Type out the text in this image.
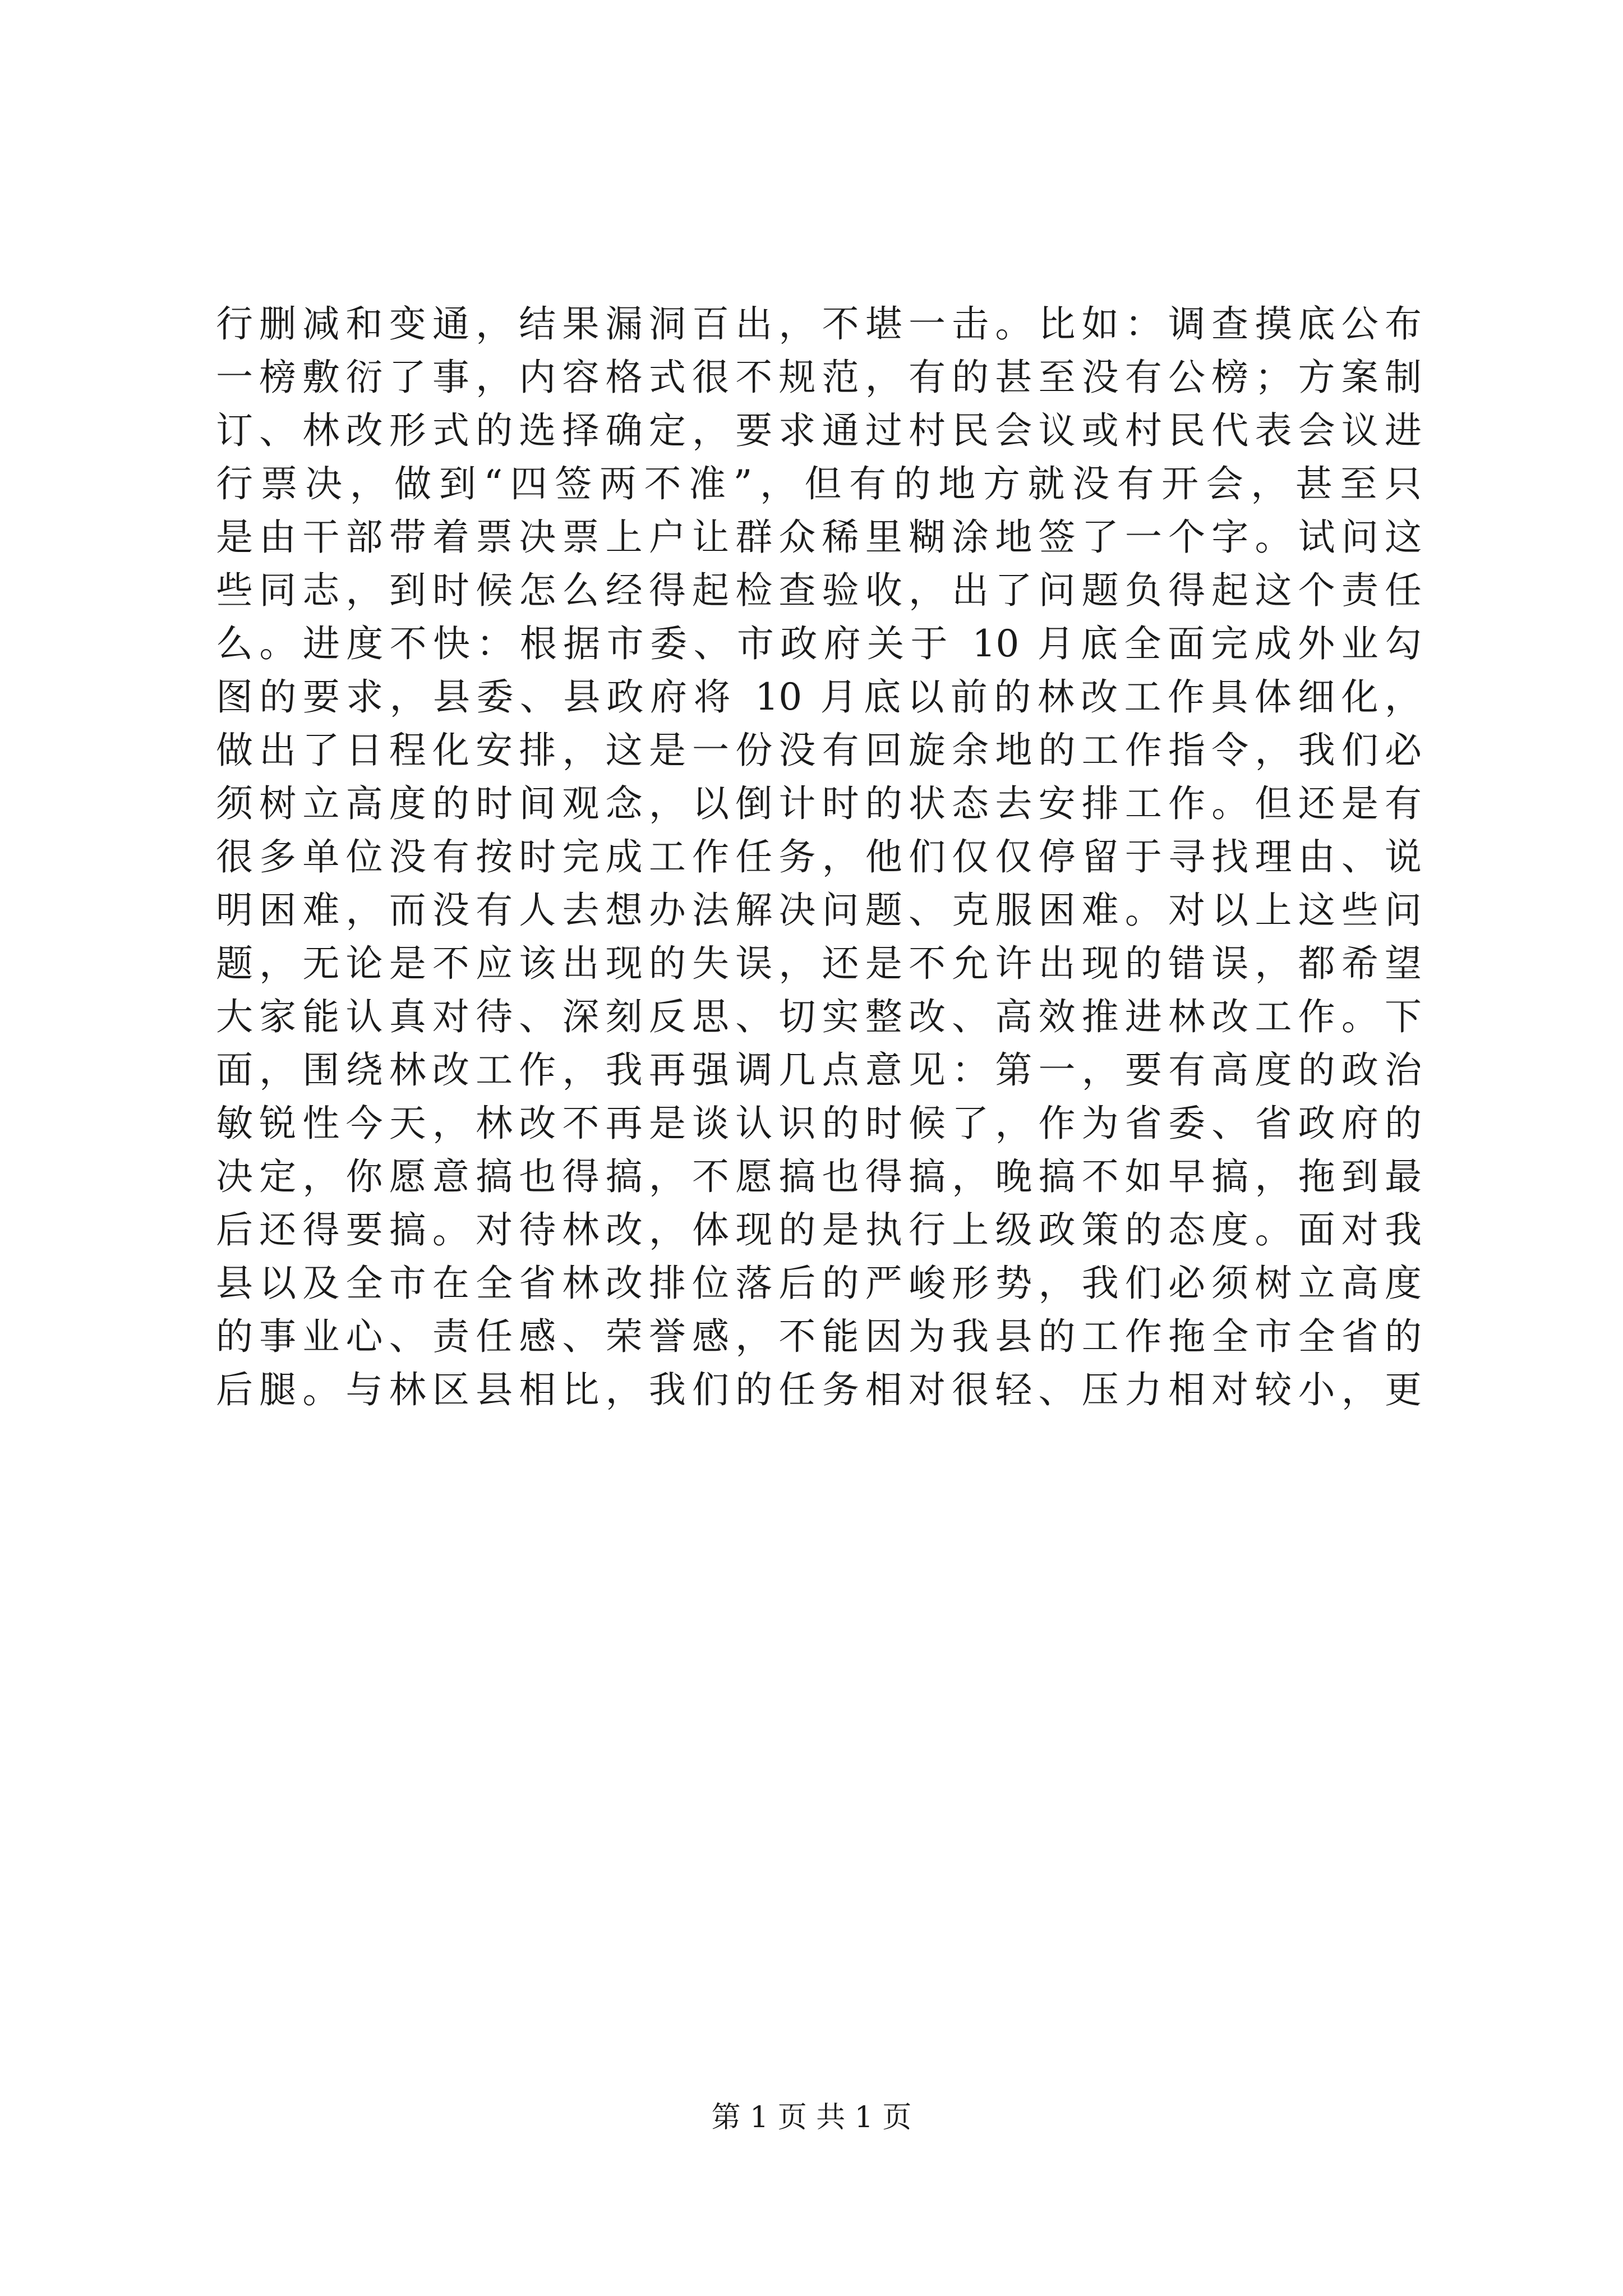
行删减和变通，结果漏洞百出，不堪一击。比如：调查摸底公布
一榜敷衍了事，内容格式很不规范，有的甚至没有公榜；方案制
订、林改形式的选择确定，要求通过村民会议或村民代表会议进
行票决，做到“四签两不准”，但有的地方就没有开会，甚至只
是由干部带着票决票上户让群众稀里糊涂地签了一个字。试问这
些同志，到时候怎么经得起检查验收，出了问题负得起这个责任
么。进度不快：根据市委、市政府关于 10 月底全面完成外业勾
图的要求，县委、县政府将 10 月底以前的林改工作具体细化，
做出了日程化安排，这是一份没有回旋余地的工作指令，我们必
须树立高度的时间观念，以倒计时的状态去安排工作。但还是有
很多单位没有按时完成工作任务，他们仅仅停留于寻找理由、说
明困难，而没有人去想办法解决问题、克服困难。对以上这些问
题，无论是不应该出现的失误，还是不允许出现的错误，都希望
大家能认真对待、深刻反思、切实整改、高效推进林改工作。下
面，围绕林改工作，我再强调几点意见：第一，要有高度的政治
敏锐性今天，林改不再是谈认识的时候了，作为省委、省政府的
决定，你愿意搞也得搞，不愿搞也得搞，晚搞不如早搞，拖到最
后还得要搞。对待林改，体现的是执行上级政策的态度。面对我
县以及全市在全省林改排位落后的严峻形势，我们必须树立高度
的事业心、责任感、荣誉感，不能因为我县的工作拖全市全省的
后腿。与林区县相比，我们的任务相对很轻、压力相对较小，更
第 1 页 共 1 页
